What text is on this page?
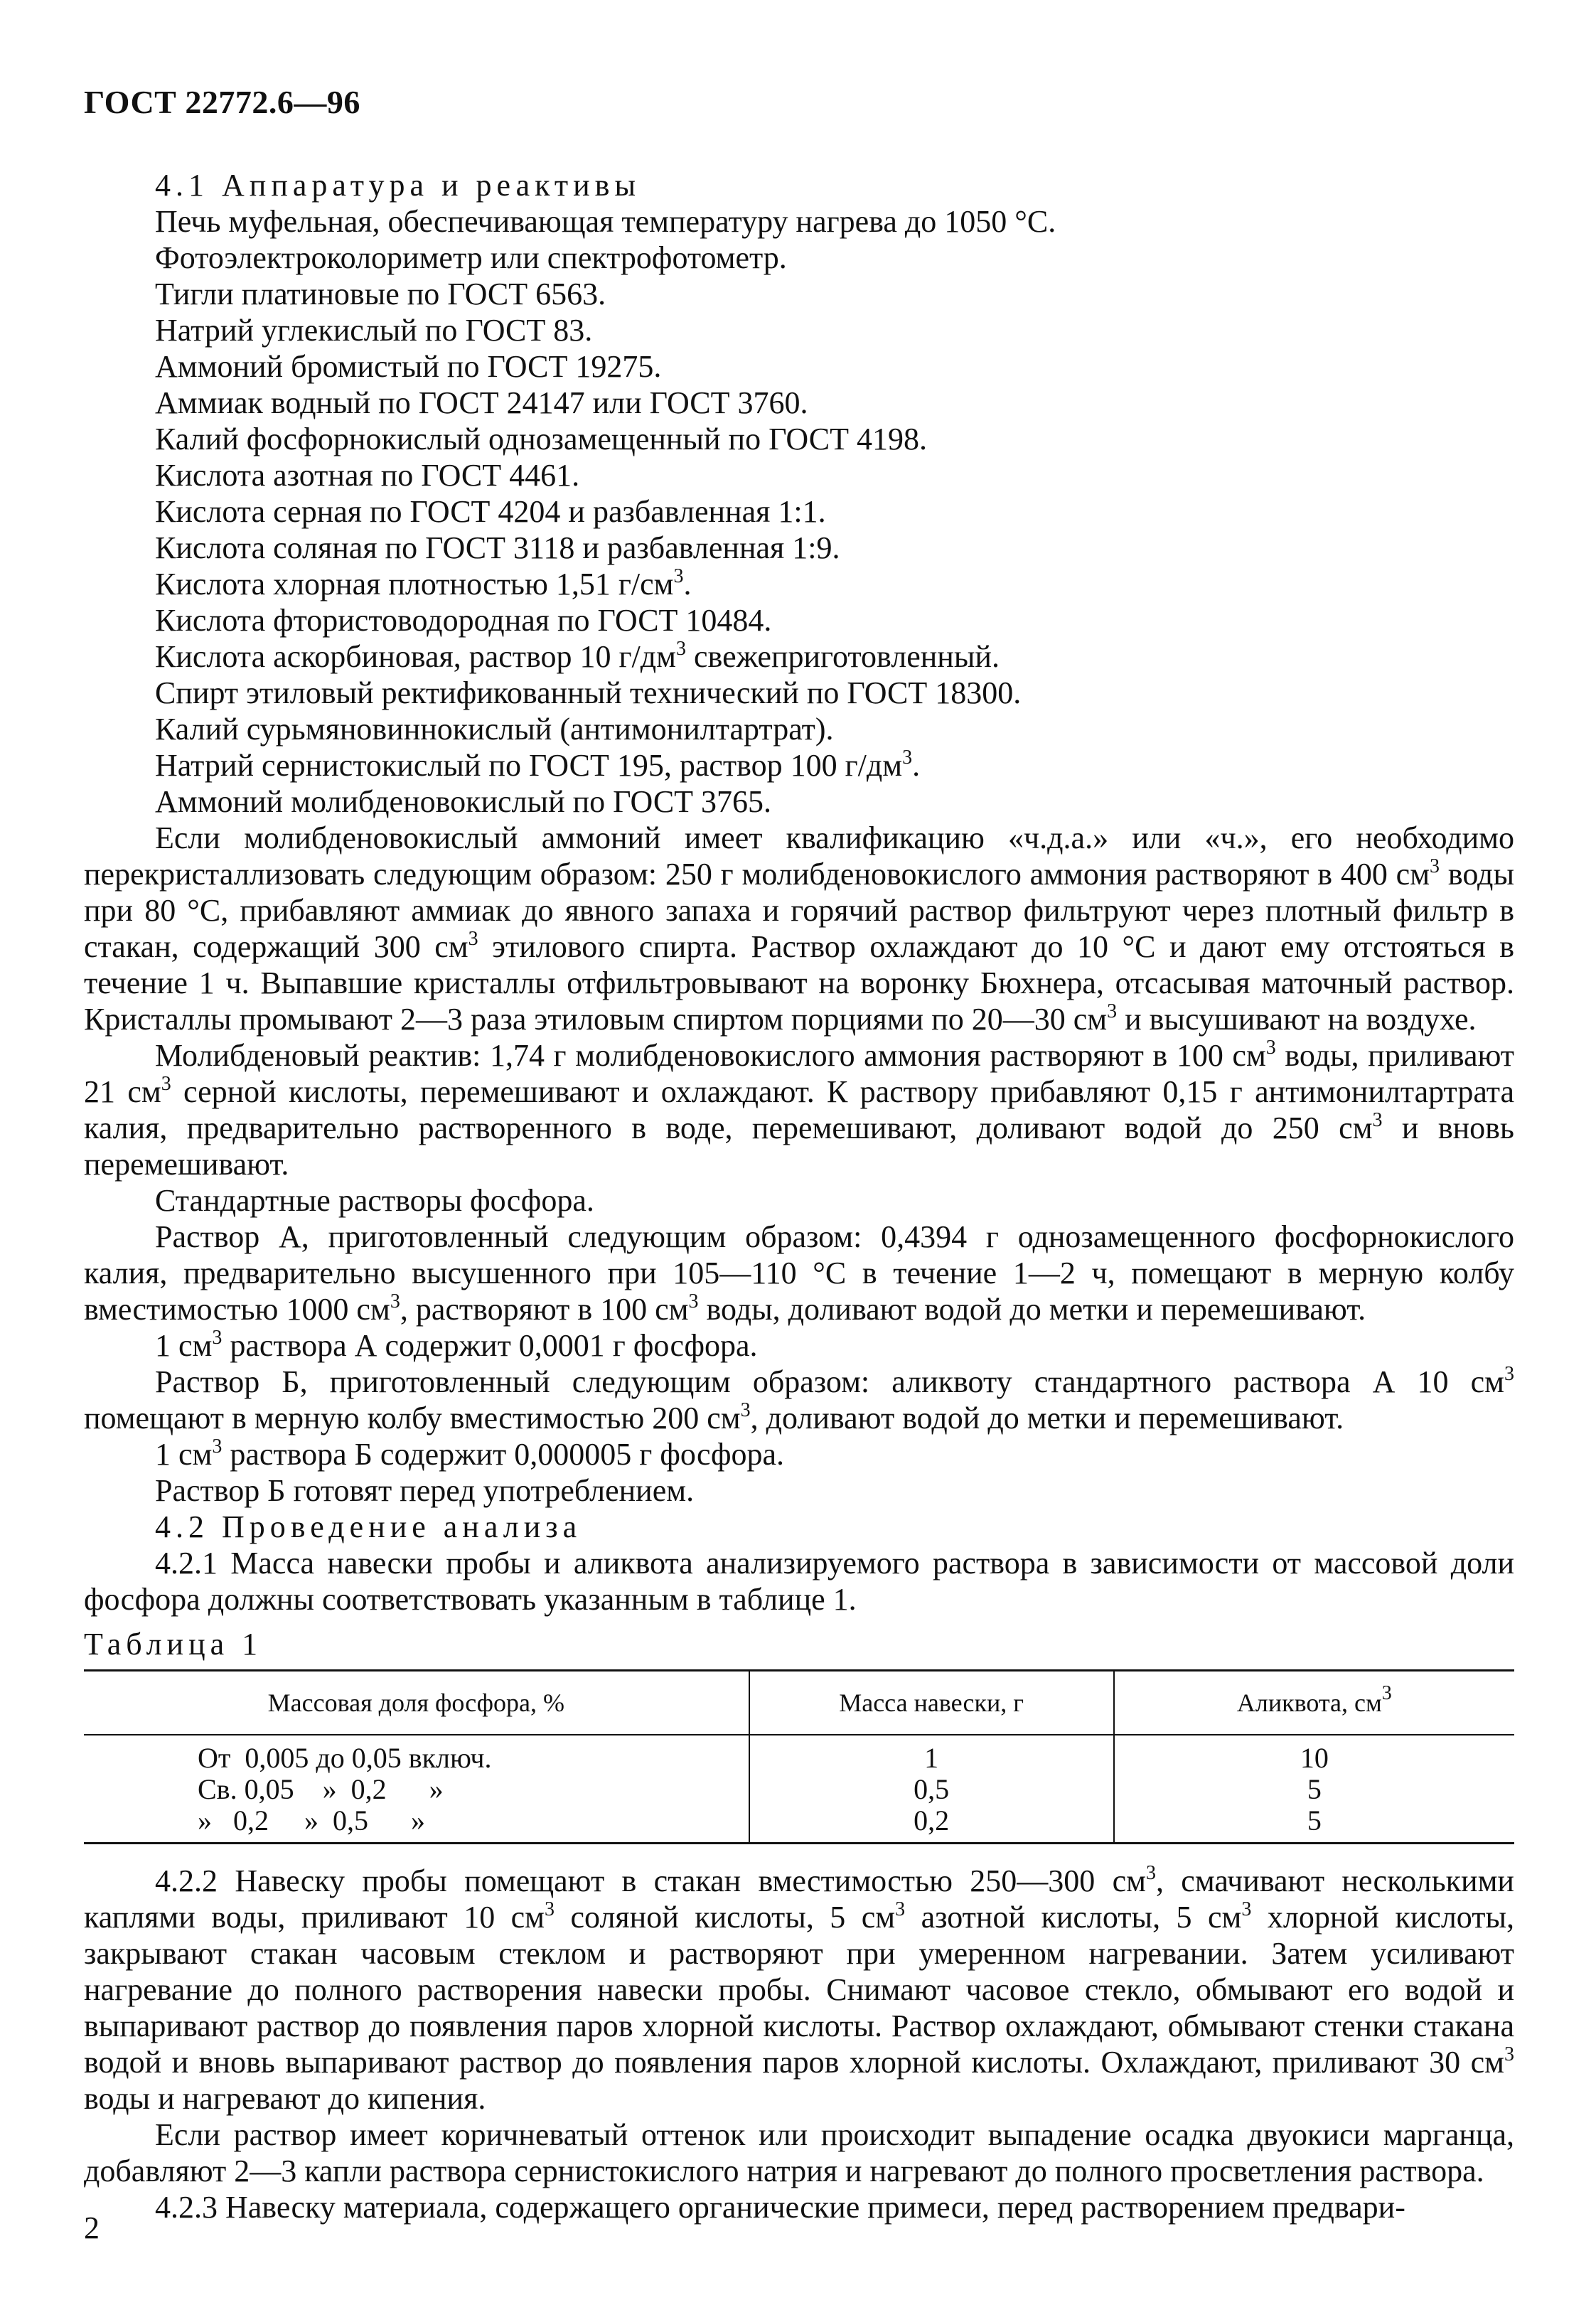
ГОСТ 22772.6—96

4.1 Аппаратура и реактивы

Печь муфельная, обеспечивающая температуру нагрева до 1050 °С.

Фотоэлектроколориметр или спектрофотометр.

Тигли платиновые по ГОСТ 6563.

Натрий углекислый по ГОСТ 83.

Аммоний бромистый по ГОСТ 19275.

Аммиак водный по ГОСТ 24147 или ГОСТ 3760.

Калий фосфорнокислый однозамещенный по ГОСТ 4198.

Кислота азотная по ГОСТ 4461.

Кислота серная по ГОСТ 4204 и разбавленная 1:1.

Кислота соляная по ГОСТ 3118 и разбавленная 1:9.

Кислота хлорная плотностью 1,51 $г/см^3$.

Кислота фтористоводородная по ГОСТ 10484.

Кислота аскорбиновая, раствор 10 $г/дм^3$ свежеприготовленный.

Спирт этиловый ректификованный технический по ГОСТ 18300.

Калий сурьмяновиннокислый (антимонилтартрат).

Натрий сернистокислый по ГОСТ 195, раствор 100 $г/дм^3$.

Аммоний молибденовокислый по ГОСТ 3765.

Если молибденовокислый аммоний имеет квалификацию «ч.д.а.» или «ч.», его необходимо перекристаллизовать следующим образом: 250 г молибденовокислого аммония растворяют в 400 $см^3$ воды при 80 °С, прибавляют аммиак до явного запаха и горячий раствор фильтруют через плотный фильтр в стакан, содержащий 300 $см^3$ этилового спирта. Раствор охлаждают до 10 °С и дают ему отстояться в течение 1 ч. Выпавшие кристаллы отфильтровывают на воронку Бюхнера, отсасывая маточный раствор. Кристаллы промывают 2—3 раза этиловым спиртом порциями по 20—30 $см^3$ и высушивают на воздухе.

Молибденовый реактив: 1,74 г молибденовокислого аммония растворяют в 100 $см^3$ воды, приливают 21 $см^3$ серной кислоты, перемешивают и охлаждают. К раствору прибавляют 0,15 г антимонилтартрата калия, предварительно растворенного в воде, перемешивают, доливают водой до 250 $см^3$ и вновь перемешивают.

Стандартные растворы фосфора.

Раствор А, приготовленный следующим образом: 0,4394 г однозамещенного фосфорнокислого калия, предварительно высушенного при 105—110 °С в течение 1—2 ч, помещают в мерную колбу вместимостью 1000 $см^3$, растворяют в 100 $см^3$ воды, доливают водой до метки и перемешивают.

1 $см^3$ раствора А содержит 0,0001 г фосфора.

Раствор Б, приготовленный следующим образом: аликвоту стандартного раствора А 10 $см^3$ помещают в мерную колбу вместимостью 200 $см^3$, доливают водой до метки и перемешивают.

1 $см^3$ раствора Б содержит 0,000005 г фосфора.

Раствор Б готовят перед употреблением.

4.2 Проведение анализа

4.2.1 Масса навески пробы и аликвота анализируемого раствора в зависимости от массовой доли фосфора должны соответствовать указанным в таблице 1.

Таблица 1

Массовая доля фосфора, %	Масса навески, г	Аликвота, $см^3$
От  0,005 до 0,05 включ.	1	10
Св. 0,05    »  0,2      »	0,5	5
»   0,2     »  0,5      »	0,2	5

4.2.2 Навеску пробы помещают в стакан вместимостью 250—300 $см^3$, смачивают несколькими каплями воды, приливают 10 $см^3$ соляной кислоты, 5 $см^3$ азотной кислоты, 5 $см^3$ хлорной кислоты, закрывают стакан часовым стеклом и растворяют при умеренном нагревании. Затем усиливают нагревание до полного растворения навески пробы. Снимают часовое стекло, обмывают его водой и выпаривают раствор до появления паров хлорной кислоты. Раствор охлаждают, обмывают стенки стакана водой и вновь выпаривают раствор до появления паров хлорной кислоты. Охлаждают, приливают 30 $см^3$ воды и нагревают до кипения.

Если раствор имеет коричневатый оттенок или происходит выпадение осадка двуокиси марганца, добавляют 2—3 капли раствора сернистокислого натрия и нагревают до полного просветления раствора.

4.2.3 Навеску материала, содержащего органические примеси, перед растворением предвари-

2
